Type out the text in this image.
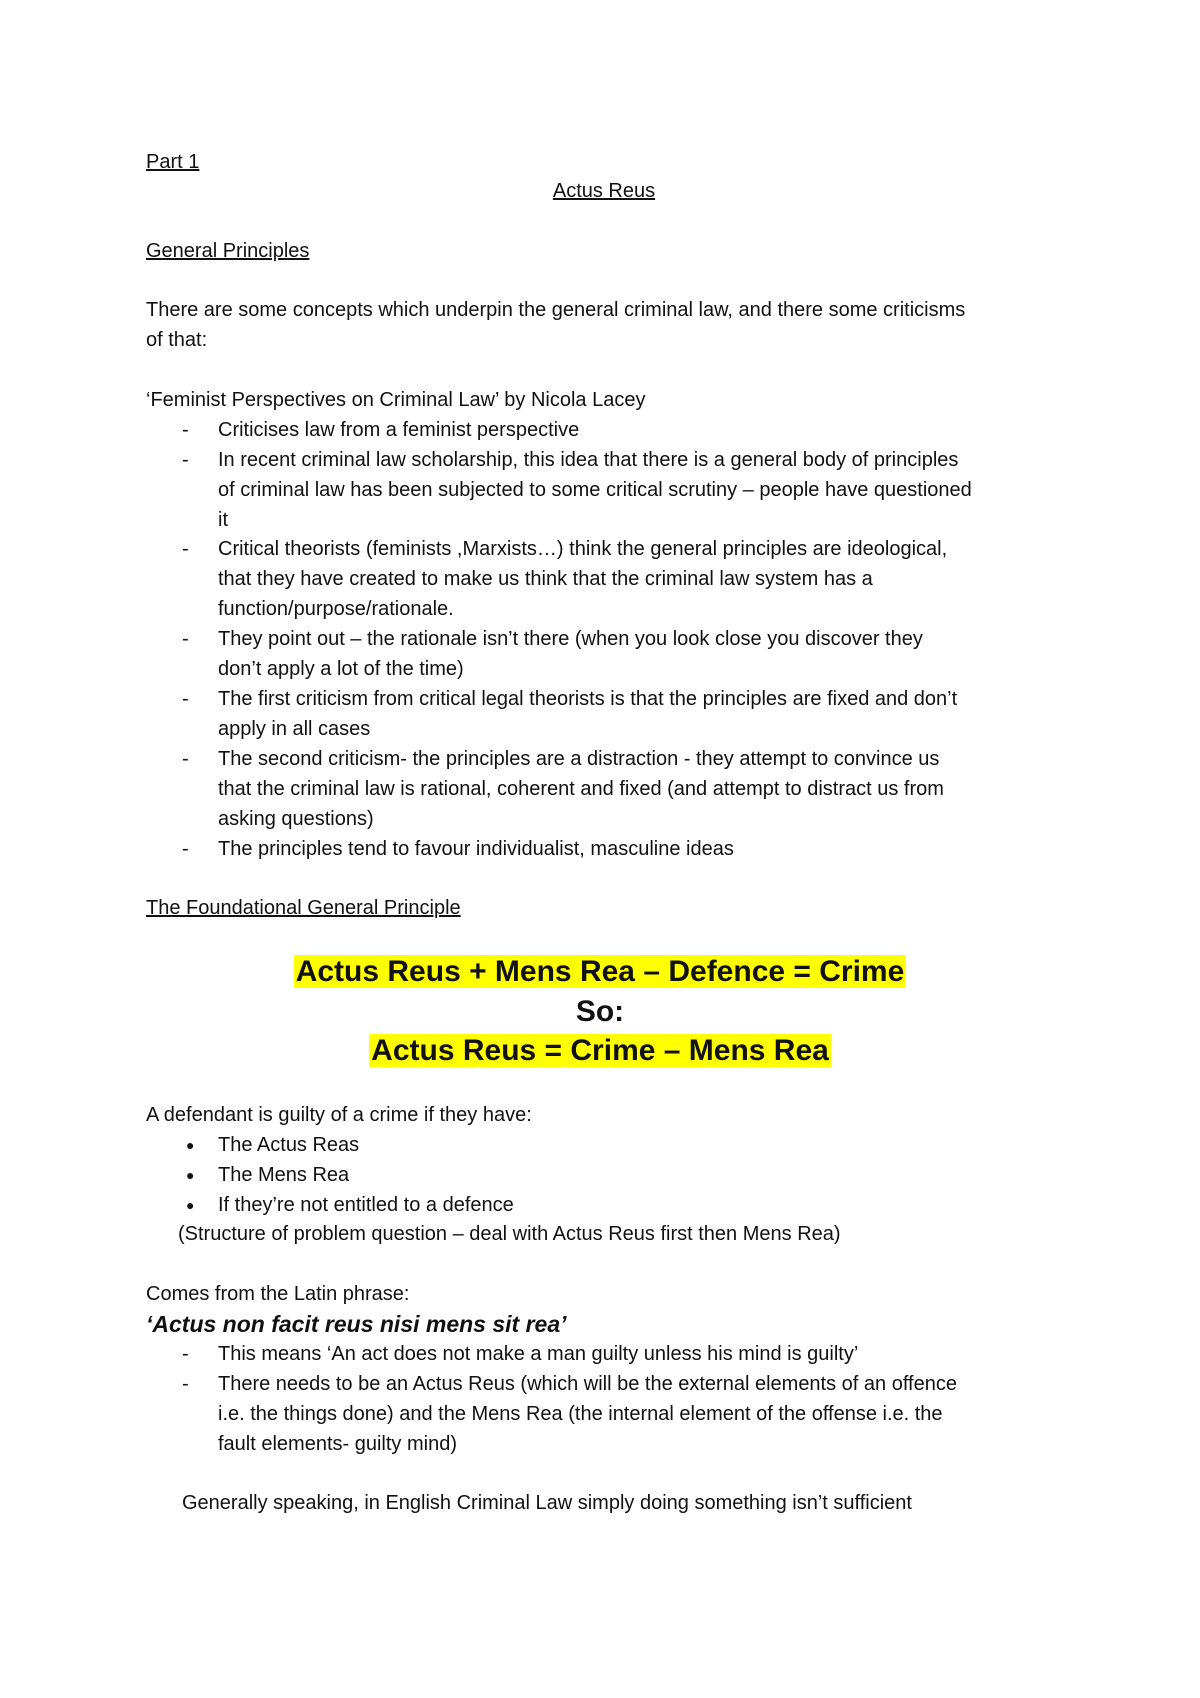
Part 1
Actus Reus
General Principles
There are some concepts which underpin the general criminal law, and there some criticisms
of that:
‘Feminist Perspectives on Criminal Law’ by Nicola Lacey
- Criticises law from a feminist perspective
- In recent criminal law scholarship, this idea that there is a general body of principles
of criminal law has been subjected to some critical scrutiny – people have questioned
it
- Critical theorists (feminists ,Marxists…) think the general principles are ideological,
that they have created to make us think that the criminal law system has a
function/purpose/rationale.
- They point out – the rationale isn’t there (when you look close you discover they
don’t apply a lot of the time)
- The first criticism from critical legal theorists is that the principles are fixed and don’t
apply in all cases
- The second criticism- the principles are a distraction - they attempt to convince us
that the criminal law is rational, coherent and fixed (and attempt to distract us from
asking questions)
- The principles tend to favour individualist, masculine ideas
The Foundational General Principle
Actus Reus + Mens Rea – Defence = Crime
So:
Actus Reus = Crime – Mens Rea
A defendant is guilty of a crime if they have:
● The Actus Reas
● The Mens Rea
● If they’re not entitled to a defence
(Structure of problem question – deal with Actus Reus first then Mens Rea)
Comes from the Latin phrase:
‘Actus non facit reus nisi mens sit rea’
- This means ‘An act does not make a man guilty unless his mind is guilty’
- There needs to be an Actus Reus (which will be the external elements of an offence
i.e. the things done) and the Mens Rea (the internal element of the offense i.e. the
fault elements- guilty mind)
Generally speaking, in English Criminal Law simply doing something isn’t sufficient
